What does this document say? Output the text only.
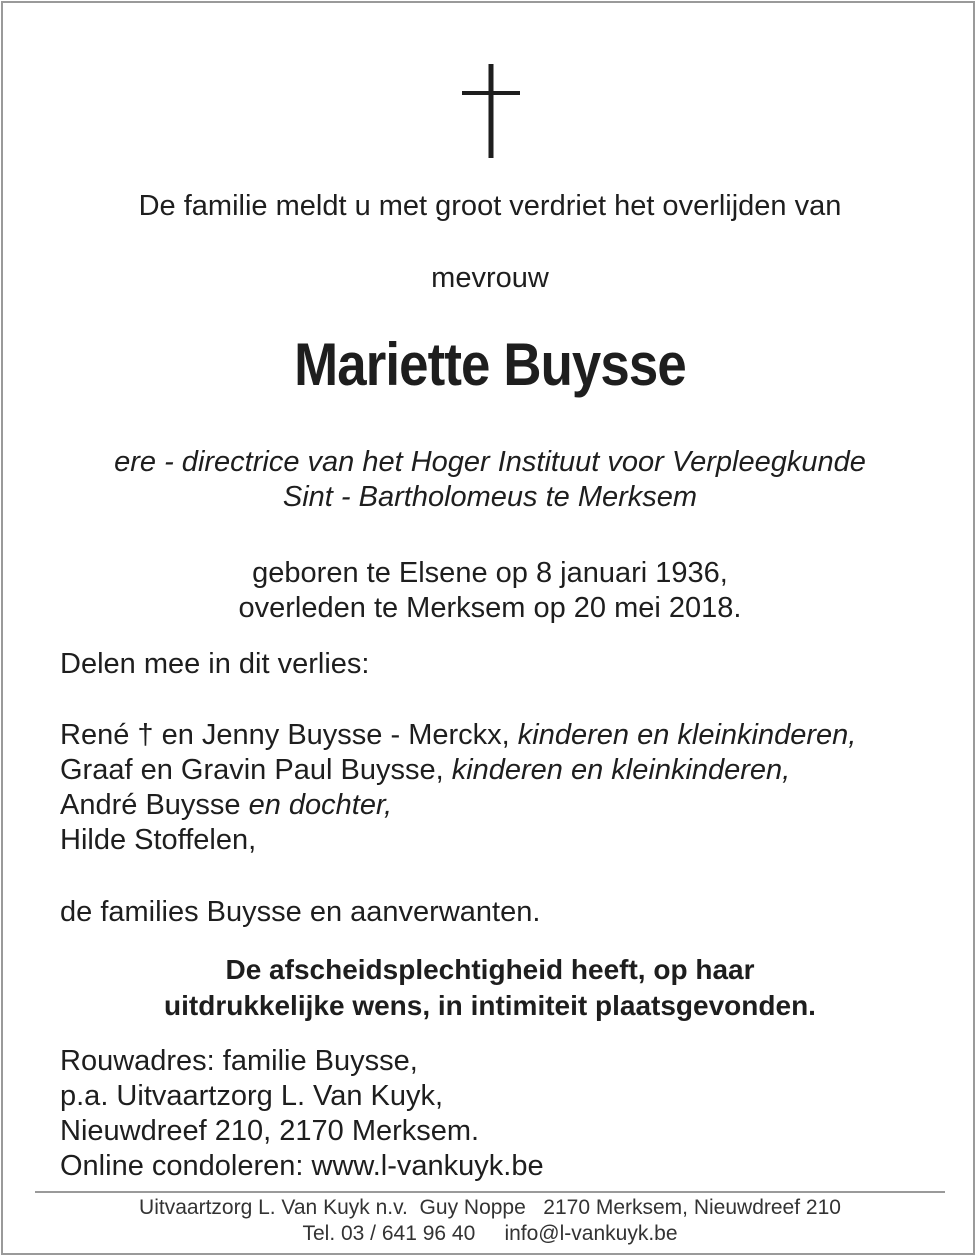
De familie meldt u met groot verdriet het overlijden van
mevrouw
Mariette Buysse
ere - directrice van het Hoger Instituut voor Verpleegkunde
Sint - Bartholomeus te Merksem
geboren te Elsene op 8 januari 1936,
overleden te Merksem op 20 mei 2018.
Delen mee in dit verlies:
René † en Jenny Buysse - Merckx, kinderen en kleinkinderen,
Graaf en Gravin Paul Buysse, kinderen en kleinkinderen,
André Buysse en dochter,
Hilde Stoffelen,
de families Buysse en aanverwanten.
De afscheidsplechtigheid heeft, op haar
uitdrukkelijke wens, in intimiteit plaatsgevonden.
Rouwadres: familie Buysse,
p.a. Uitvaartzorg L. Van Kuyk,
Nieuwdreef 210, 2170 Merksem.
Online condoleren: www.l-vankuyk.be
Uitvaartzorg L. Van Kuyk n.v.  Guy Noppe   2170 Merksem, Nieuwdreef 210
Tel. 03 / 641 96 40     info@l-vankuyk.be
